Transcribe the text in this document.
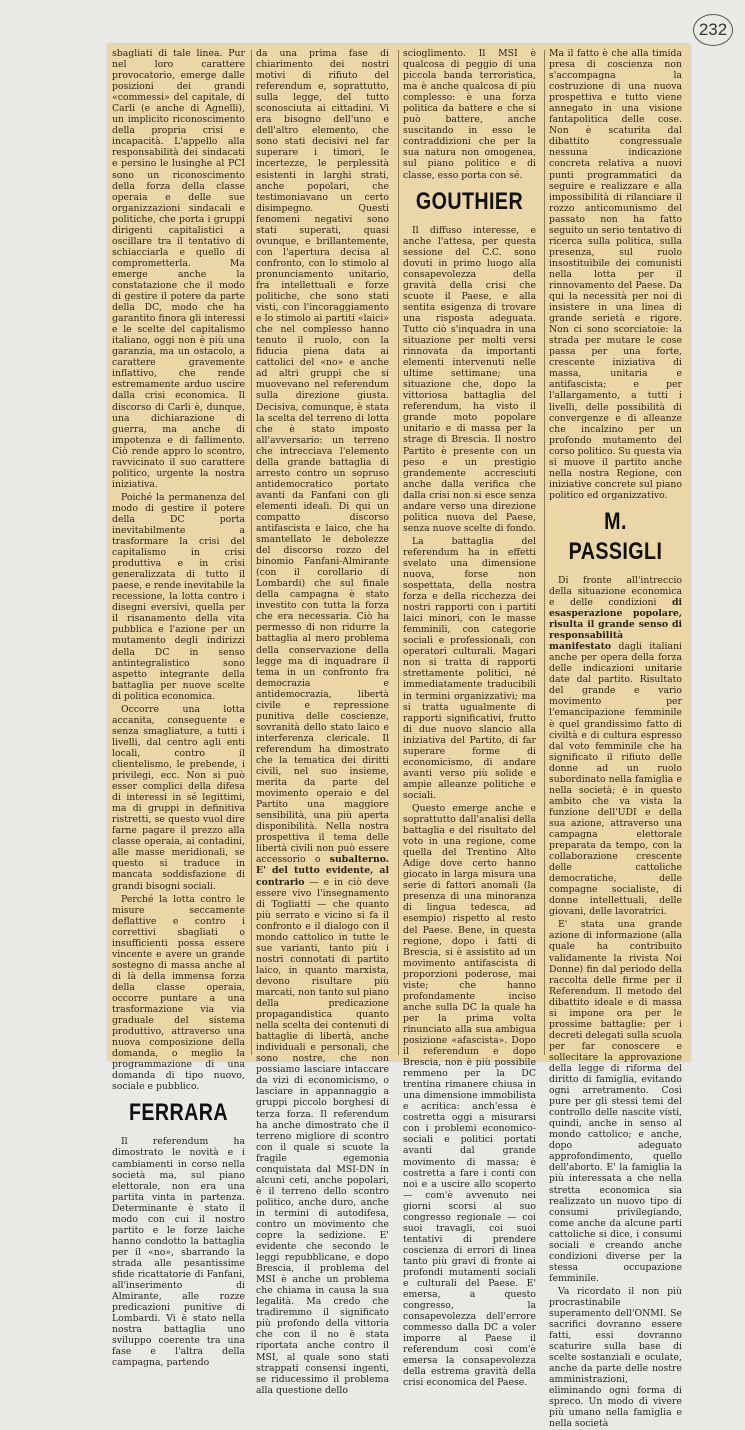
232

sbagliati di tale linea. Pur nel loro carattere provocatorio, emerge dalle posizioni dei grandi «commessi» del capitale, di Carli (e anche di Agnelli), un implicito riconoscimento della propria crisi e incapacità. L'appello alla responsabilità dei sindacati e persino le lusinghe al PCI sono un riconoscimento della forza della classe operaia e delle sue organizzazioni sindacali e politiche, che porta i gruppi dirigenti capitalistici a oscillare tra il tentativo di schiacciarla e quello di comprometterla. Ma emerge anche la constatazione che il modo di gestire il potere da parte della DC, modo che ha garantito finora gli interessi e le scelte del capitalismo italiano, oggi non è più una garanzia, ma un ostacolo, a carattere gravemente inflattivo, che rende estremamente arduo uscire dalla crisi economica. Il discorso di Carli è, dunque, una dichiarazione di guerra, ma anche di impotenza e di fallimento. Ciò rende appro lo scontro, ravvicinato il suo carattere politico, urgente la nostra iniziativa.

Poiché la permanenza del modo di gestire il potere della DC porta inevitabilmente a trasformare la crisi del capitalismo in crisi produttiva e in crisi generalizzata di tutto il paese, e rende inevitabile la recessione, la lotta contro i disegni eversivi, quella per il risanamento della vita pubblica e l'azione per un mutamento degli indirizzi della DC in senso antintegralistico sono aspetto integrante della battaglia per nuove scelte di politica economica.

Occorre una lotta accanita, conseguente e senza smagliature, a tutti i livelli, dal centro agli enti locali, contro il clientelismo, le prebende, i privilegi, ecc. Non si può esser complici della difesa di interessi in sé legittimi, ma di gruppi in definitiva ristretti, se questo vuol dire farne pagare il prezzo alla classe operaia, ai contadini, alle masse meridionali, se questo si traduce in mancata soddisfazione di grandi bisogni sociali.

Perché la lotta contro le misure seccamente deflattive e contro i correttivi sbagliati o insufficienti possa essere vincente e avere un grande sostegno di massa anche al di là della immensa forza della classe operaia, occorre puntare a una trasformazione via via graduale del sistema produttivo, attraverso una nuova composizione della domanda, o meglio la programmazione di una domanda di tipo nuovo, sociale e pubblico.

FERRARA

Il referendum ha dimostrato le novità e i cambiamenti in corso nella società ma, sul piano elettorale, non era una partita vinta in partenza. Determinante è stato il modo con cui il nostro partito e le forze laiche hanno condotto la battaglia per il «no», sbarrando la strada alle pesantissime sfide ricattatorie di Fanfani, all'inserimento di Almirante, alle rozze predicazioni punitive di Lombardi. Vi è stato nella nostra battaglia uno sviluppo coerente tra una fase e l'altra della campagna, partendo

da una prima fase di chiarimento dei nostri motivi di rifiuto del referendum e, soprattutto, sulla legge, del tutto sconosciuta ai cittadini. Vi era bisogno dell'uno e dell'altro elemento, che sono stati decisivi nel far superare i timori, le incertezze, le perplessità esistenti in larghi strati, anche popolari, che testimoniavano un certo disimpegno. Questi fenomeni negativi sono stati superati, quasi ovunque, e brillantemente, con l'apertura decisa al confronto, con lo stimolo al pronunciamento unitario, fra intellettuali e forze politiche, che sono stati visti, con l'incoraggiamento e lo stimolo ai partiti «laici» che nel complesso hanno tenuto il ruolo, con la fiducia piena data ai cattolici del «no» e anche ad altri gruppi che si muovevano nel referendum sulla direzione giusta. Decisiva, comunque, è stata la scelta del terreno di lotta che è stato imposto all'avversario: un terreno che intrecciava l'elemento della grande battaglia di arresto contro un sopruso antidemocratico portato avanti da Fanfani con gli elementi ideali. Di qui un compatto discorso antifascista e laico, che ha smantellato le debolezze del discorso rozzo del binomio Fanfani-Almirante (con il corollario di Lombardi) che sul finale della campagna è stato investito con tutta la forza che era necessaria. Ciò ha permesso di non ridurre la battaglia al mero problema della conservazione della legge ma di inquadrare il tema in un confronto fra democrazia e antidemocrazia, libertà civile e repressione punitiva delle coscienze, sovranità dello stato laico e interferenza clericale. Il referendum ha dimostrato che la tematica dei diritti civili, nel suo insieme, merita da parte del movimento operaio e del Partito una maggiore sensibilità, una più aperta disponibilità. Nella nostra prospettiva il tema delle libertà civili non può essere accessorio o subalterno. E' del tutto evidente, al contrario — e in ciò deve essere vivo l'insegnamento di Togliatti — che quanto più serrato e vicino si fa il confronto e il dialogo con il mondo cattolico in tutte le sue varianti, tanto più i nostri connotati di partito laico, in quanto marxista, devono risultare più marcati, non tanto sul piano della predicazione propagandistica quanto nella scelta dei contenuti di battaglie di libertà, anche individuali e personali, che sono nostre, che non possiamo lasciare intaccare da vizi di economicismo, o lasciare in appannaggio a gruppi piccolo borghesi di terza forza. Il referendum ha anche dimostrato che il terreno migliore di scontro con il quale si scuote la fragile egemonia conquistata dal MSI-DN in alcuni ceti, anche popolari, è il terreno dello scontro politico, anche duro, anche in termini di autodifesa, contro un movimento che copre la sedizione. E' evidente che secondo le leggi repubblicane, e dopo Brescia, il problema del MSI è anche un problema che chiama in causa la sua legalità. Ma credo che tradiremmo il significato più profondo della vittoria che con il no è stata riportata anche contro il MSI, al quale sono stati strappati consensi ingenti, se riducessimo il problema alla questione dello

scioglimento. Il MSI è qualcosa di peggio di una piccola banda terroristica, ma è anche qualcosa di più complesso: è una forza politica da battere e che si può battere, anche suscitando in esso le contraddizioni che per la sua natura non omogenea, sul piano politico e di classe, esso porta con sé.

GOUTHIER

Il diffuso interesse, e anche l'attesa, per questa sessione del C.C. sono dovuti in primo luogo alla consapevolezza della gravità della crisi che scuote il Paese, e alla sentita esigenza di trovare una risposta adeguata. Tutto ciò s'inquadra in una situazione per molti versi rinnovata da importanti elementi intervenuti nelle ultime settimane; una situazione che, dopo la vittoriosa battaglia del referendum, ha visto il grande moto popolare unitario e di massa per la strage di Brescia. Il nostro Partito è presente con un peso e un prestigio grandemente accresciuti anche dalla verifica che dalla crisi non si esce senza andare verso una direzione politica nuova del Paese, senza nuove scelte di fondo.

La battaglia del referendum ha in effetti svelato una dimensione nuova, forse non sospettata, della nostra forza e della ricchezza dei nostri rapporti con i partiti laici minori, con le masse femminili, con categorie sociali e professionali, con operatori culturali. Magari non si tratta di rapporti strettamente politici, né immediatamente traducibili in termini organizzativi; ma si tratta ugualmente di rapporti significativi, frutto di due nuovo slancio alla iniziativa del Partito, di far superare forme di economicismo, di andare avanti verso più solide e ampie alleanze politiche e sociali.

Questo emerge anche e soprattutto dall'analisi della battaglia e del risultato del voto in una regione, come quella del Trentino Alto Adige dove certo hanno giocato in larga misura una serie di fattori anomali (la presenza di una minoranza di lingua tedesca, ad esempio) rispetto al resto del Paese. Bene, in questa regione, dopo i fatti di Brescia, si è assistito ad un movimento antifascista di proporzioni poderose, mai viste; che hanno profondamente inciso anche sulla DC la quale ha per la prima volta rinunciato alla sua ambigua posizione «afascista». Dopo il referendum e dopo Brescia, non è più possibile remmeno per la DC trentina rimanere chiusa in una dimensione immobilista e acritica: anch'essa è costretta oggi a misurarsi con i problemi economico-sociali e politici portati avanti dal grande movimento di massa; è costretta a fare i conti con noi e a uscire allo scoperto — com'è avvenuto nei giorni scorsi al suo congresso regionale — coi suoi travagli, coi suoi tentativi di prendere coscienza di errori di linea tanto più gravi di fronte ai profondi mutamenti sociali e culturali del Paese. E' emersa, a questo congresso, la consapevolezza dell'errore commesso dalla DC a voler imporre al Paese il referendum così com'è emersa la consapevolezza della estrema gravità della crisi economica del Paese.

Ma il fatto è che alla timida presa di coscienza non s'accompagna la costruzione di una nuova prospettiva e tutto viene annegato in una visione fantapolitica delle cose. Non è scaturita dal dibattito congressuale nessuna indicazione concreta relativa a nuovi punti programmatici da seguire e realizzare e alla impossibilità di rilanciare il rozzo anticomunismo del passato non ha fatto seguito un serio tentativo di ricerca sulla politica, sulla presenza, sul ruolo insostituibile dei comunisti nella lotta per il rinnovamento del Paese. Da qui la necessità per noi di insistere in una linea di grande serietà e rigore. Non ci sono scorciatoie: la strada per mutare le cose passa per una forte, crescente iniziativa di massa, unitaria e antifascista; e per l'allargamento, a tutti i livelli, delle possibilità di convergenze e di alleanze che incalzino per un profondo mutamento del corso politico. Su questa via si muove il partito anche nella nostra Regione, con iniziative concrete sul piano politico ed organizzativo.

M. PASSIGLI

Di fronte all'intreccio della situazione economica e delle condizioni di esasperazione popolare, risulta il grande senso di responsabilità manifestato dagli italiani anche per opera della forza delle indicazioni unitarie date dal partito. Risultato del grande e vario movimento per l'emancipazione femminile è quel grandissimo fatto di civiltà e di cultura espresso dal voto femminile che ha significato il rifiuto delle donne ad un ruolo subordinato nella famiglia e nella società; è in questo ambito che va vista la funzione dell'UDI e della sua azione, attraverso una campagna elettorale preparata da tempo, con la collaborazione crescente delle cattoliche democratiche, delle compagne socialiste, di donne intellettuali, delle giovani, delle lavoratrici.

E' stata una grande azione di informazione (alla quale ha contribuito validamente la rivista Noi Donne) fin dal periodo della raccolta delle firme per il Referendum. Il metodo del dibattito ideale e di massa si impone ora per le prossime battaglie: per i decreti delegati sulla scuola per far conoscere e sollecitare la approvazione della legge di riforma del diritto di famiglia, evitando ogni arretramento. Così pure per gli stessi temi del controllo delle nascite visti, quindi, anche in senso al mondo cattolico; e anche, dopo adeguato approfondimento, quello dell'aborto. E' la famiglia la più interessata a che nella stretta economica sia realizzato un nuovo tipo di consumi privilegiando, come anche da alcune parti cattoliche si dice, i consumi sociali e creando anche condizioni diverse per la stessa occupazione femminile.

Va ricordato il non più procrastinabile superamento dell'ONMI. Se sacrifici dovranno essere fatti, essi dovranno scaturire sulla base di scelte sostanziali e oculate, anche da parte delle nostre amministrazioni, eliminando ogni forma di spreco. Un modo di vivere più umano nella famiglia e nella società
